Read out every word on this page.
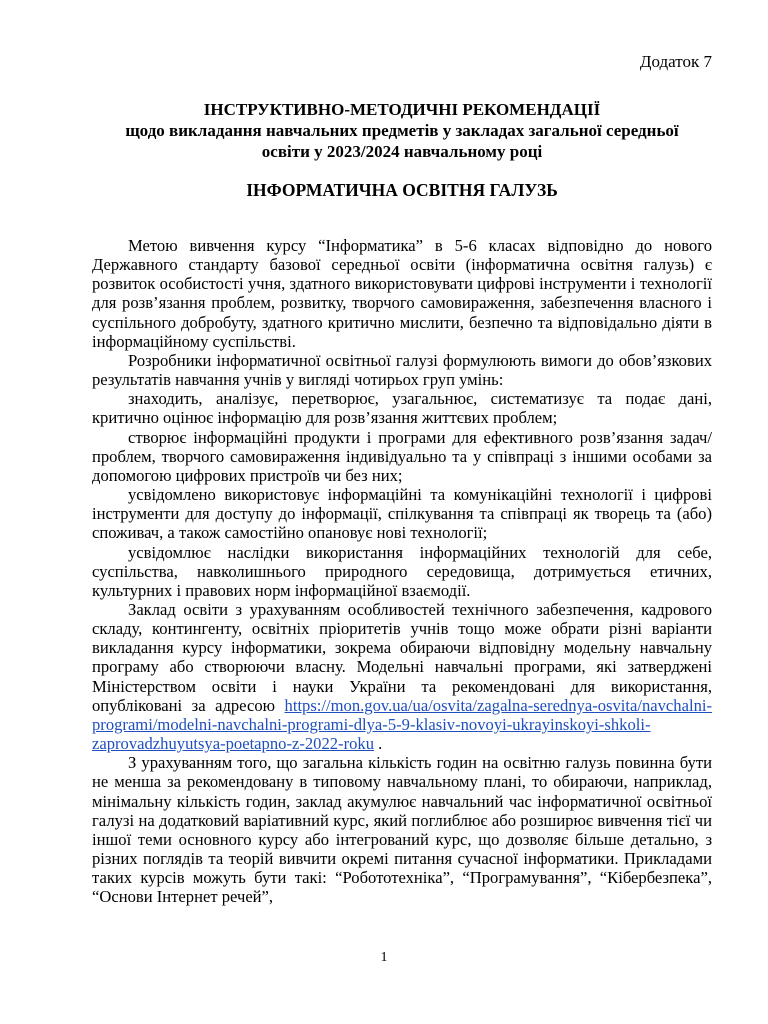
Додаток 7
ІНСТРУКТИВНО-МЕТОДИЧНІ РЕКОМЕНДАЦІЇ
щодо викладання навчальних предметів у закладах загальної середньої
освіти у 2023/2024 навчальному році
ІНФОРМАТИЧНА ОСВІТНЯ ГАЛУЗЬ

Метою вивчення курсу “Інформатика” в 5-6 класах відповідно до нового Державного стандарту базової середньої освіти (інформатична освітня галузь) є розвиток особистості учня, здатного використовувати цифрові інструменти і технології для розв’язання проблем, розвитку, творчого самовираження, забезпечення власного і суспільного добробуту, здатного критично мислити, безпечно та відповідально діяти в інформаційному суспільстві.

Розробники інформатичної освітньої галузі формулюють вимоги до обов’язкових результатів навчання учнів у вигляді чотирьох груп умінь:

знаходить, аналізує, перетворює, узагальнює, систематизує та подає дані, критично оцінює інформацію для розв’язання життєвих проблем;

створює інформаційні продукти і програми для ефективного розв’язання задач/проблем, творчого самовираження індивідуально та у співпраці з іншими особами за допомогою цифрових пристроїв чи без них;

усвідомлено використовує інформаційні та комунікаційні технології і цифрові інструменти для доступу до інформації, спілкування та співпраці як творець та (або) споживач, а також самостійно опановує нові технології;

усвідомлює наслідки використання інформаційних технологій для себе, суспільства, навколишнього природного середовища, дотримується етичних, культурних і правових норм інформаційної взаємодії.

Заклад освіти з урахуванням особливостей технічного забезпечення, кадрового складу, контингенту, освітніх пріоритетів учнів тощо може обрати різні варіанти викладання курсу інформатики, зокрема обираючи відповідну модельну навчальну програму або створюючи власну. Модельні навчальні програми, які затверджені Міністерством освіти і науки України та рекомендовані для використання, опубліковані за адресою https://mon.gov.ua/ua/osvita/zagalna-serednya-osvita/navchalni-programi/modelni-navchalni-programi-dlya-5-9-klasiv-novoyi-ukrayinskoyi-shkoli-zaprovadzhuyutsya-poetapno-z-2022-roku .

З урахуванням того, що загальна кількість годин на освітню галузь повинна бути не менша за рекомендовану в типовому навчальному плані, то обираючи, наприклад, мінімальну кількість годин, заклад акумулює навчальний час інформатичної освітньої галузі на додатковий варіативний курс, який поглиблює або розширює вивчення тієї чи іншої теми основного курсу або інтегрований курс, що дозволяє більше детально, з різних поглядів та теорій вивчити окремі питання сучасної інформатики. Прикладами таких курсів можуть бути такі: “Робототехніка”, “Програмування”, “Кібербезпека”, “Основи Інтернет речей”,

1
